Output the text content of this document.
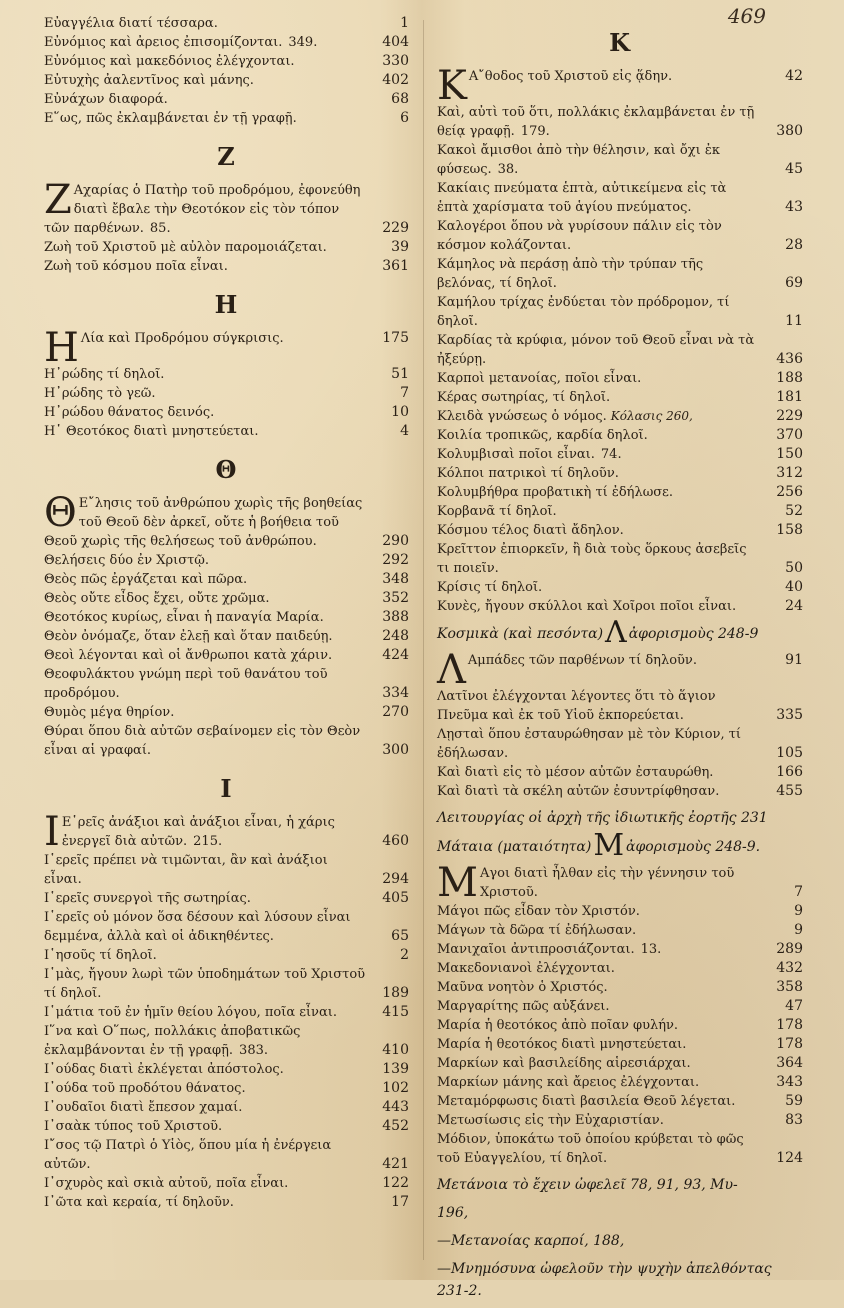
469

Εὐαγγέλια διατί τέσσαρα.	1

Εὐνόμιος καὶ ἀρειος ἐπισομίζονται. 349.	404

Εὐνόμιος καὶ μακεδόνιος ἐλέγχονται.	330

Εὐτυχὴς ἀαλεντῖνος καὶ μάνης.	402

Εὐνάχων διαφορά.	68

Ε῞ως, πῶς ἐκλαμβάνεται ἐν τῇ γραφῇ.	6

Z

Z Αχαρίας ὁ Πατὴρ τοῦ προδρόμου, ἐφονεύθη διατὶ ἔβαλε τὴν Θεοτόκον εἰς τὸν τόπον τῶν παρθένων. 85.	229

Ζωὴ τοῦ Χριστοῦ μὲ αὐλὸν παρομοιάζεται.	39

Ζωὴ τοῦ κόσμου ποῖα εἶναι.	361

H

H Λία καὶ Προδρόμου σύγκρισις.	175

Η᾿ρώδης τί δηλοῖ.	51

Η᾿ρώδης τὸ γεῶ.	7

Η᾿ρώδου θάνατος δεινός.	10

Η῾ Θεοτόκος διατὶ μνηστεύεται.	4

Θ

Θ Ε῎λησις τοῦ ἀνθρώπου χωρὶς τῆς βοηθείας τοῦ Θεοῦ δὲν ἀρκεῖ, οὔτε ἡ βοήθεια τοῦ Θεοῦ χωρὶς τῆς θελήσεως τοῦ ἀνθρώπου.	290

Θελήσεις δύο ἐν Χριστῷ.	292

Θεὸς πῶς ἐργάζεται καὶ πῶρα.	348

Θεὸς οὔτε εἶδος ἔχει, οὔτε χρῶμα.	352

Θεοτόκος κυρίως, εἶναι ἡ παναγία Μαρία.	388

Θεὸν ὀνόμαζε, ὅταν ἐλεῇ καὶ ὅταν παιδεύῃ.	248

Θεοὶ λέγονται καὶ οἱ ἄνθρωποι κατὰ χάριν.	424

Θεοφυλάκτου γνώμη περὶ τοῦ θανάτου τοῦ προδρόμου.	334

Θυμὸς μέγα θηρίον.	270

Θύραι ὅπου διὰ αὐτῶν σεβαίνομεν εἰς τὸν Θεὸν εἶναι αἱ γραφαί.	300

I

I Ε῾ρεῖς ἀνάξιοι καὶ ἀνάξιοι εἶναι, ἡ χάρις ἐνεργεῖ διὰ αὐτῶν. 215.	460

Ι῾ερεῖς πρέπει νὰ τιμῶνται, ἂν καὶ ἀνάξιοι εἶναι.	294

Ι῾ερεῖς συνεργοὶ τῆς σωτηρίας.	405

Ι῾ερεῖς οὐ μόνον ὅσα δέσουν καὶ λύσουν εἶναι δεμμένα, ἀλλὰ καὶ οἱ ἀδικηθέντες.	65

Ι῾ησοῦς τί δηλοῖ.	2

Ι῾μὰς, ἤγουν λωρὶ τῶν ὑποδημάτων τοῦ Χριστοῦ τί δηλοῖ.	189

Ι῾μάτια τοῦ ἐν ἡμῖν θείου λόγου, ποῖα εἶναι.	415

Ι῞να καὶ Ο῞πως, πολλάκις ἀποβατικῶς ἐκλαμβάνονται ἐν τῇ γραφῇ. 383.	410

Ι᾿ούδας διατὶ ἐκλέγεται ἀπόστολος.	139

Ι᾿ούδα τοῦ προδότου θάνατος.	102

Ι᾿ουδαῖοι διατὶ ἔπεσον χαμαί.	443

Ι᾿σαὰκ τύπος τοῦ Χριστοῦ.	452

Ι῎σος τῷ Πατρὶ ὁ Υἱὸς, ὅπου μία ἡ ἐνέργεια αὐτῶν.	421

Ι᾿σχυρὸς καὶ σκιὰ αὐτοῦ, ποῖα εἶναι.	122

Ι᾿ῶτα καὶ κεραία, τί δηλοῦν.	17

K

K Α῎θοδος τοῦ Χριστοῦ εἰς ᾅδην.	42

Καὶ, αὐτὶ τοῦ ὅτι, πολλάκις ἐκλαμβάνεται ἐν τῇ θείᾳ γραφῇ. 179.	380

Κακοὶ ἄμισθοι ἀπὸ τὴν θέλησιν, καὶ ὄχι ἐκ φύσεως. 38.	45

Κακίαις πνεύματα ἑπτὰ, αὐτικείμενα εἰς τὰ ἑπτὰ χαρίσματα τοῦ ἁγίου πνεύματος.	43

Καλογέροι ὅπου νὰ γυρίσουν πάλιν εἰς τὸν κόσμον κολάζονται.	28

Κάμηλος νὰ περάσῃ ἀπὸ τὴν τρύπαν τῆς βελόνας, τί δηλοῖ.	69

Καμήλου τρίχας ἐνδύεται τὸν πρόδρομον, τί δηλοῖ.	11

Καρδίας τὰ κρύφια, μόνον τοῦ Θεοῦ εἶναι νὰ τὰ ἠξεύρῃ.	436

Καρποὶ μετανοίας, ποῖοι εἶναι.	188

Κέρας σωτηρίας, τί δηλοῖ.	181

Κλειδὰ γνώσεως ὁ νόμος. Κόλασις 260,	229

Κοιλία τροπικῶς, καρδία δηλοῖ.	370

Κολυμβισαὶ ποῖοι εἶναι. 74.	150

Κόλποι πατρικοὶ τί δηλοῦν.	312

Κολυμβήθρα προβατικὴ τί ἐδήλωσε.	256

Κορβανᾶ τί δηλοῖ.	52

Κόσμου τέλος διατὶ ἄδηλον.	158

Κρεῖττον ἐπιορκεῖν, ἢ διὰ τοὺς ὅρκους ἀσεβεῖς τι ποιεῖν.	50

Κρίσις τί δηλοῖ.	40

Κυνὲς, ἤγουν σκύλλοι καὶ Χοῖροι ποῖοι εἶναι.	24

Κοσμικὰ (καὶ πεσόντα)Λ ἀφορισμοὺς 248-9

Λ Αμπάδες τῶν παρθένων τί δηλοῦν.	91

Λατῖνοι ἐλέγχονται λέγοντες ὅτι τὸ ἅγιον Πνεῦμα καὶ ἐκ τοῦ Υἱοῦ ἐκπορεύεται.	335

Λῃσταὶ ὅπου ἐσταυρώθησαν μὲ τὸν Κύριον, τί ἐδήλωσαν.	105

Καὶ διατὶ εἰς τὸ μέσον αὐτῶν ἐσταυρώθη.	166

Καὶ διατὶ τὰ σκέλη αὐτῶν ἐσυντρίφθησαν.	455

Λειτουργίας οἱ ἀρχὴ τῆς ἰδιωτικῆς ἐορτῆς 231
Μάταια (ματαιότητα)M ἀφορισμοὺς 248-9.

M Αγοι διατὶ ἦλθαν εἰς τὴν γέννησιν τοῦ Χριστοῦ.	7

Μάγοι πῶς εἶδαν τὸν Χριστόν.	9

Μάγων τὰ δῶρα τί ἐδήλωσαν.	9

Μανιχαῖοι ἀντιπροσιάζονται. 13.	289

Μακεδονιανοὶ ἐλέγχονται.	432

Μαῦνα νοητὸν ὁ Χριστός.	358

Μαργαρίτης πῶς αὐξάνει.	47

Μαρία ἡ θεοτόκος ἀπὸ ποῖαν φυλήν.	178

Μαρία ἡ θεοτόκος διατὶ μνηστεύεται.	178

Μαρκίων καὶ βασιλείδης αἱρεσιάρχαι.	364

Μαρκίων μάνης καὶ ἄρειος ἐλέγχονται.	343

Μεταμόρφωσις διατὶ βασιλεία Θεοῦ λέγεται.	59

Μετωσίωσις εἰς τὴν Εὐχαριστίαν.	83

Μόδιον, ὑποκάτω τοῦ ὁποίου κρύβεται τὸ φῶς τοῦ Εὐαγγελίου, τί δηλοῖ.	124

Μετάνοια τὸ ἔχειν ὠφελεῖ 78, 91, 93, Μυ-
196,
—Μετανοίας καρποί, 188,
—Μνημόσυνα ὠφελοῦν τὴν ψυχὴν ἀπελθόντας 231-2.
